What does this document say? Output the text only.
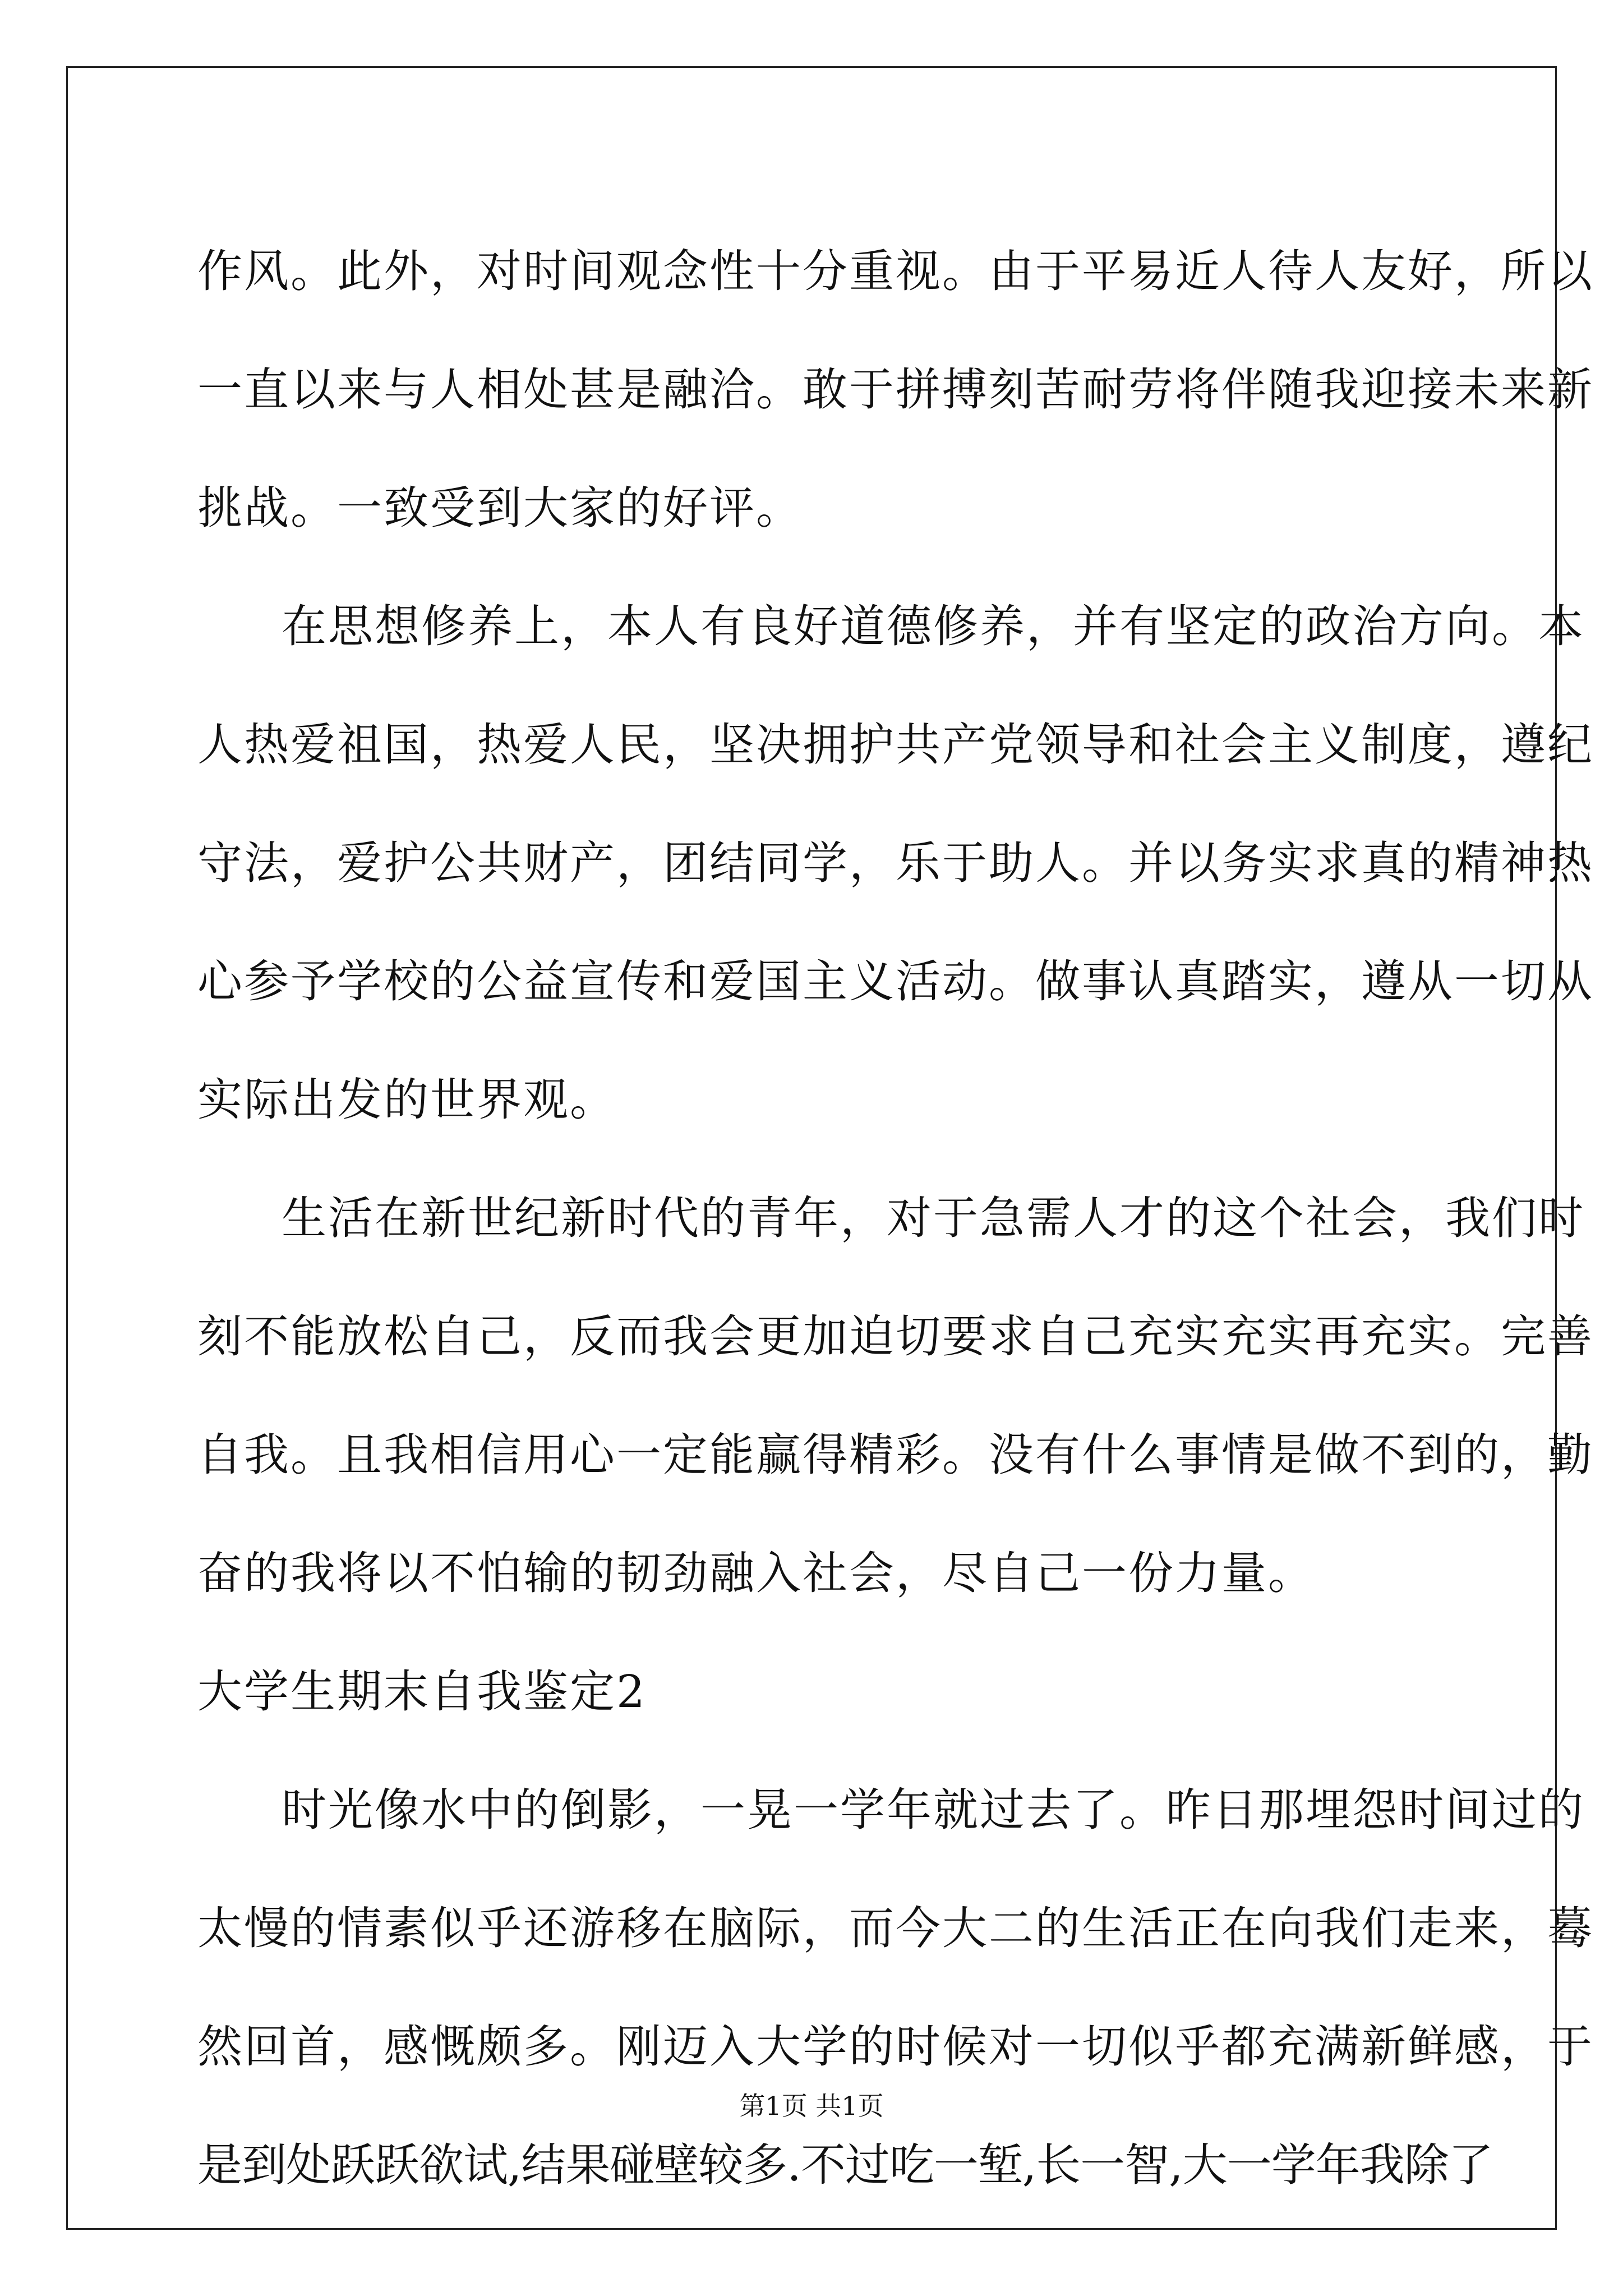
作风。此外，对时间观念性十分重视。由于平易近人待人友好，所以
一直以来与人相处甚是融洽。敢于拼搏刻苦耐劳将伴随我迎接未来新
挑战。一致受到大家的好评。
在思想修养上，本人有良好道德修养，并有坚定的政治方向。本
人热爱祖国，热爱人民，坚决拥护共产党领导和社会主义制度，遵纪
守法，爱护公共财产，团结同学，乐于助人。并以务实求真的精神热
心参予学校的公益宣传和爱国主义活动。做事认真踏实，遵从一切从
实际出发的世界观。
生活在新世纪新时代的青年，对于急需人才的这个社会，我们时
刻不能放松自己，反而我会更加迫切要求自己充实充实再充实。完善
自我。且我相信用心一定能赢得精彩。没有什么事情是做不到的，勤
奋的我将以不怕输的韧劲融入社会，尽自己一份力量。
大学生期末自我鉴定2
时光像水中的倒影，一晃一学年就过去了。昨日那埋怨时间过的
太慢的情素似乎还游移在脑际，而今大二的生活正在向我们走来，蓦
然回首，感慨颇多。刚迈入大学的时候对一切似乎都充满新鲜感，于
是到处跃跃欲试,结果碰壁较多.不过吃一堑,长一智,大一学年我除了
第1页 共1页
